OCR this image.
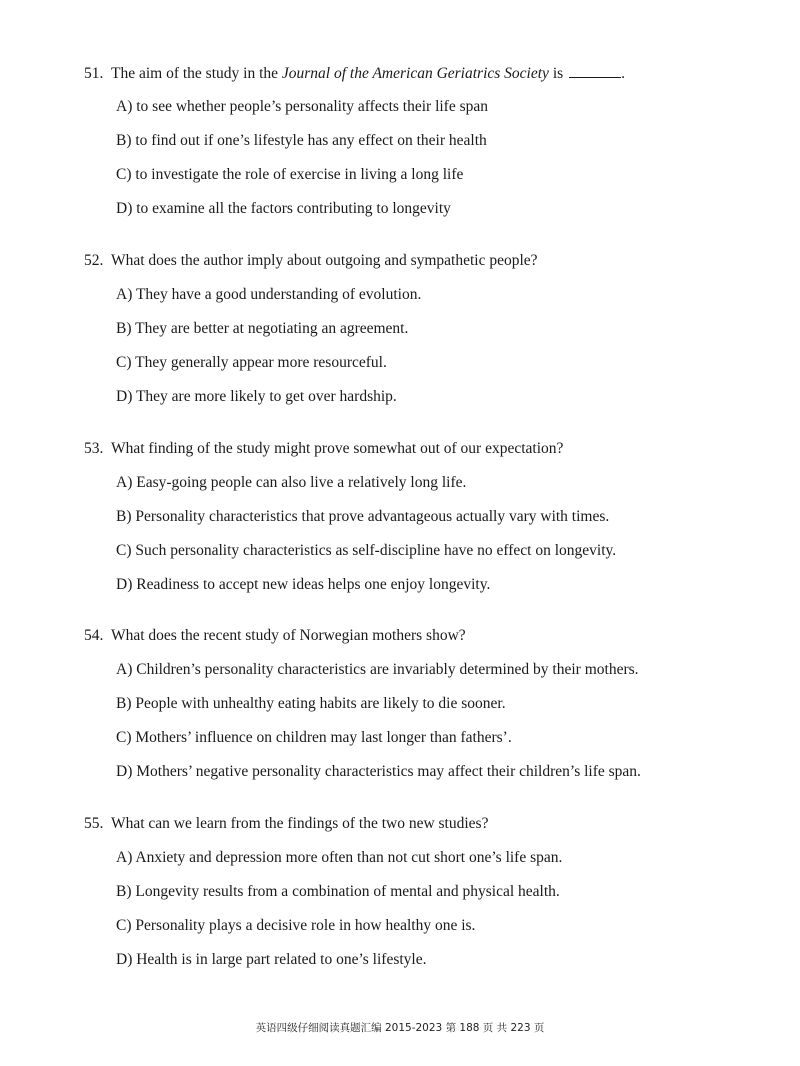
51. The aim of the study in the Journal of the American Geriatrics Society is	.
A) to see whether people’s personality affects their life span
B) to find out if one’s lifestyle has any effect on their health
C) to investigate the role of exercise in living a long life
D) to examine all the factors contributing to longevity
52. What does the author imply about outgoing and sympathetic people?
A) They have a good understanding of evolution.
B) They are better at negotiating an agreement.
C) They generally appear more resourceful.
D) They are more likely to get over hardship.
53. What finding of the study might prove somewhat out of our expectation?
A) Easy-going people can also live a relatively long life.
B) Personality characteristics that prove advantageous actually vary with times.
C) Such personality characteristics as self-discipline have no effect on longevity.
D) Readiness to accept new ideas helps one enjoy longevity.
54. What does the recent study of Norwegian mothers show?
A) Children’s personality characteristics are invariably determined by their mothers.
B) People with unhealthy eating habits are likely to die sooner.
C) Mothers’ influence on children may last longer than fathers’.
D) Mothers’ negative personality characteristics may affect their children’s life span.
55. What can we learn from the findings of the two new studies?
A) Anxiety and depression more often than not cut short one’s life span.
B) Longevity results from a combination of mental and physical health.
C) Personality plays a decisive role in how healthy one is.
D) Health is in large part related to one’s lifestyle.
英语四级仔细阅读真题汇编 2015-2023 第 188 页 共 223 页
